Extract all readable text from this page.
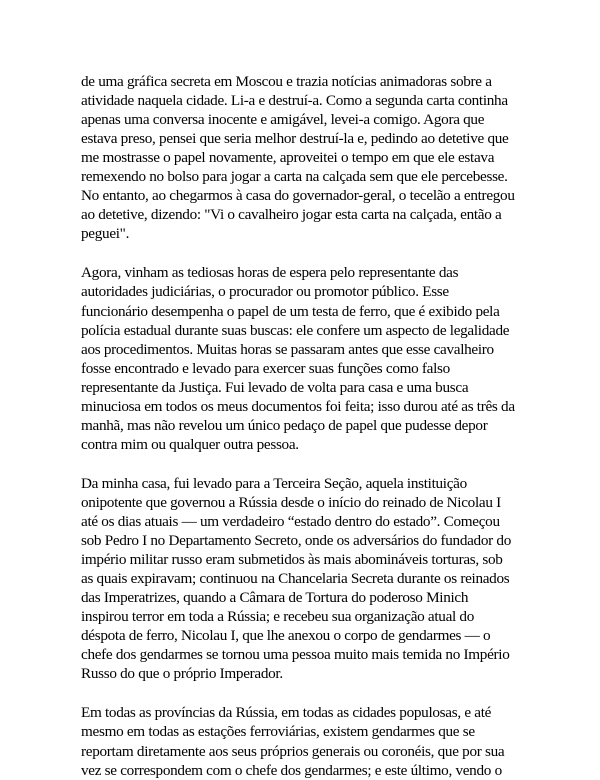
de uma gráfica secreta em Moscou e trazia notícias animadoras sobre a atividade naquela cidade. Li-a e destruí-a. Como a segunda carta continha apenas uma conversa inocente e amigável, levei-a comigo. Agora que estava preso, pensei que seria melhor destruí-la e, pedindo ao detetive que me mostrasse o papel novamente, aproveitei o tempo em que ele estava remexendo no bolso para jogar a carta na calçada sem que ele percebesse. No entanto, ao chegarmos à casa do governador-geral, o tecelão a entregou ao detetive, dizendo: "Vi o cavalheiro jogar esta carta na calçada, então a peguei".

Agora, vinham as tediosas horas de espera pelo representante das autoridades judiciárias, o procurador ou promotor público. Esse funcionário desempenha o papel de um testa de ferro, que é exibido pela polícia estadual durante suas buscas: ele confere um aspecto de legalidade aos procedimentos. Muitas horas se passaram antes que esse cavalheiro fosse encontrado e levado para exercer suas funções como falso representante da Justiça. Fui levado de volta para casa e uma busca minuciosa em todos os meus documentos foi feita; isso durou até as três da manhã, mas não revelou um único pedaço de papel que pudesse depor contra mim ou qualquer outra pessoa.

Da minha casa, fui levado para a Terceira Seção, aquela instituição onipotente que governou a Rússia desde o início do reinado de Nicolau I até os dias atuais — um verdadeiro “estado dentro do estado”. Começou sob Pedro I no Departamento Secreto, onde os adversários do fundador do império militar russo eram submetidos às mais abomináveis torturas, sob as quais expiravam; continuou na Chancelaria Secreta durante os reinados das Imperatrizes, quando a Câmara de Tortura do poderoso Minich inspirou terror em toda a Rússia; e recebeu sua organização atual do déspota de ferro, Nicolau I, que lhe anexou o corpo de gendarmes — o chefe dos gendarmes se tornou uma pessoa muito mais temida no Império Russo do que o próprio Imperador.

Em todas as províncias da Rússia, em todas as cidades populosas, e até mesmo em todas as estações ferroviárias, existem gendarmes que se reportam diretamente aos seus próprios generais ou coronéis, que por sua vez se correspondem com o chefe dos gendarmes; e este último, vendo o
